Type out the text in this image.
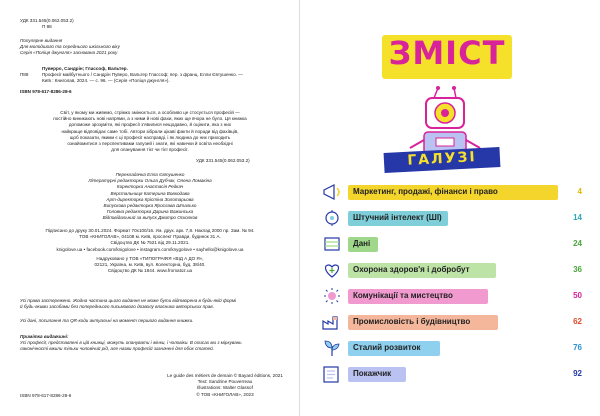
УДК 331.545(0.062.053.2)
П 88
Популярне видання
Для молодшого та середнього шкільного віку
Серія «Поліця джунгля» заснована 2021 року
Пуверро, Сандрін; Глассоф, Вальтер.
П88	Професії майбутнього / Сандрін Пуверо, Вальтер Глассоф; пер. з франц. Елли Євтушенко. —
Київ : Книголав, 2024. — с. 96. — (Серія «Поліця джунгля»).
ISBN 978-617-8286-28-6
Світ, у якому ми живемо, стрімко змінюється, а особливо це стосується професій —
постійно виникають нові напрями, а з ними й нові фахи, яких ще вчора не було. Ця книжка
допоможе зрозуміти, які професії з'явилися нещодавно, й оцінити, яка з них
найкраще відповідає саме тобі. Автори зібрали цікаві факти й поради від фахівців,
щоб показати, якими є ці професії насправді, і як людина до них приходить
ознайомитися з перспективами галузей і знати, які навички й освіта необхідні
для опанування тієї чи тієї професії.
УДК 331.545(0.062.053.2)
Перекладачка Елла Євтушенко
Літературні редакторки Ольга Дубчак, Олена Ломакіна
Коректорка Анастасія Редкач
Верстальниця Катерина Вовкодава
Арт-директорка Крістіна Золотарьова
Випускова редакторка Ярослава Шталько
Головна редакторка Дарина Важинська
Відповідальний за випуск Дмитро Осколков
Підписано до друку 30.01.2024. Формат 70х100/16. Ум. друк. арк. 7,8. Наклад 2000 пр. Зам. № 94.
ТОВ «КНИГОЛАВ», 04108 м. Київ, проспект Правди, будинок 31 А.
Свідоцтво ДК № 7521 від 29.11.2021.
knigolove.ua • facebook.com/knigolove • instagram.com/knygolove • sayhello@knigolove.ua
Надруковано у ТОВ «ТИПОГРАФІЯ «ВІД А ДО Я»,
02121, Україна, м. Київ, вул. Колекторна, буд. 38/40.
Свідоцтво ДК № 1844. www.fromatoz.ua
Усі права застережено. Жодна частина цього видання не може бути відтворена в будь-якій формі
й будь-якими засобами без попереднього письмового дозволу власника авторських прав.
Усі дані, посилання та QR-коди актуальні на момент першого видання книжки.
Примітка видавчині:
Усі професії, представлені в цій книжці, можуть опанувати і жінки, і чоловіки. В описах ми з міркувань
лаконічності вжили тільки чоловічий рід, але назви професій зазначені для обох статей.
ISBN 978-617-8286-28-6
Le guide des métiers de demain © Bayard éditions, 2021
Text: Sandrine Pouverreau
Illustrations: Walter Glassof
© ТОВ «КНИГОЛАВ», 2023
ЗМІСТ
ГАЛУЗІ
Маркетинг, продажі, фінанси і право	4
Штучний інтелект (ШІ)	14
Дані	24
Охорона здоров'я і добробут	36
Комунікації та мистецтво	50
Промисловість і будівництво	62
Сталий розвиток	76
Покажчик	92
